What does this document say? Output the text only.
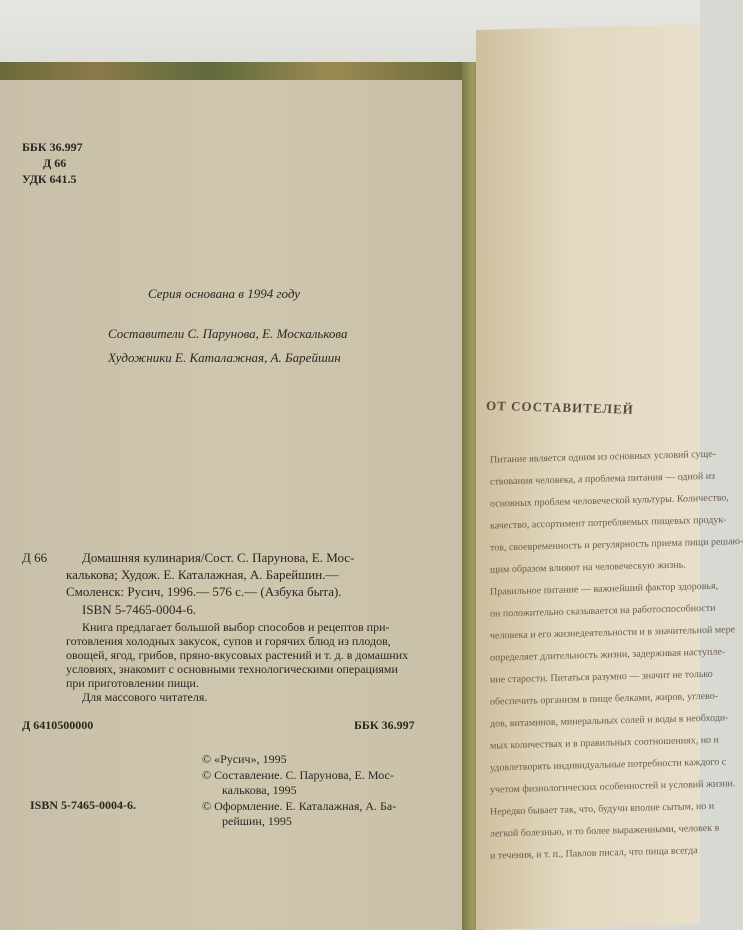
ББК 36.997
Д 66
УДК 641.5
Серия основана в 1994 году
Составители С. Парунова, Е. Москалькова
Художники Е. Каталажная, А. Барейшин
Д 66	Домашняя кулинария/Сост. С. Парунова, Е. Мос-
калькова; Худож. Е. Каталажная, А. Барейшин.—
Смоленск: Русич, 1996.— 576 с.— (Азбука быта).
ISBN 5-7465-0004-6.
Книга предлагает большой выбор способов и рецептов при-
готовления холодных закусок, супов и горячих блюд из плодов,
овощей, ягод, грибов, пряно-вкусовых растений и т. д. в домашних
условиях, знакомит с основными технологическими операциями
при приготовлении пищи.
Для массового читателя.
Д 6410500000	ББК 36.997
© «Русич», 1995
© Составление. С. Парунова, Е. Мос-
калькова, 1995
© Оформление. Е. Каталажная, А. Ба-
рейшин, 1995
ISBN 5-7465-0004-6.
ОТ СОСТАВИТЕЛЕЙ
Питание является одним из основных условий суще-
ствования человека, а проблема питания — одной из
основных проблем человеческой культуры. Количество,
качество, ассортимент потребляемых пищевых продук-
тов, своевременность и регулярность приема пищи решаю-
щим образом влияют на человеческую жизнь.
Правильное питание — важнейший фактор здоровья,
он положительно сказывается на работоспособности
человека и его жизнедеятельности и в значительной мере
определяет длительность жизни, задерживая наступле-
ние старости. Питаться разумно — значит не только
обеспечить организм в пище белками, жиров, углево-
дов, витаминов, минеральных солей и воды в необходи-
мых количествах и в правильных соотношениях, но и
удовлетворять индивидуальные потребности каждого с
учетом физиологических особенностей и условий жизни.
Нередко бывает так, что, будучи вполне сытым, но и
легкой болезнью, и то более выраженными, человек в
и течения, и т. п., Павлов писал, что пища всегда
